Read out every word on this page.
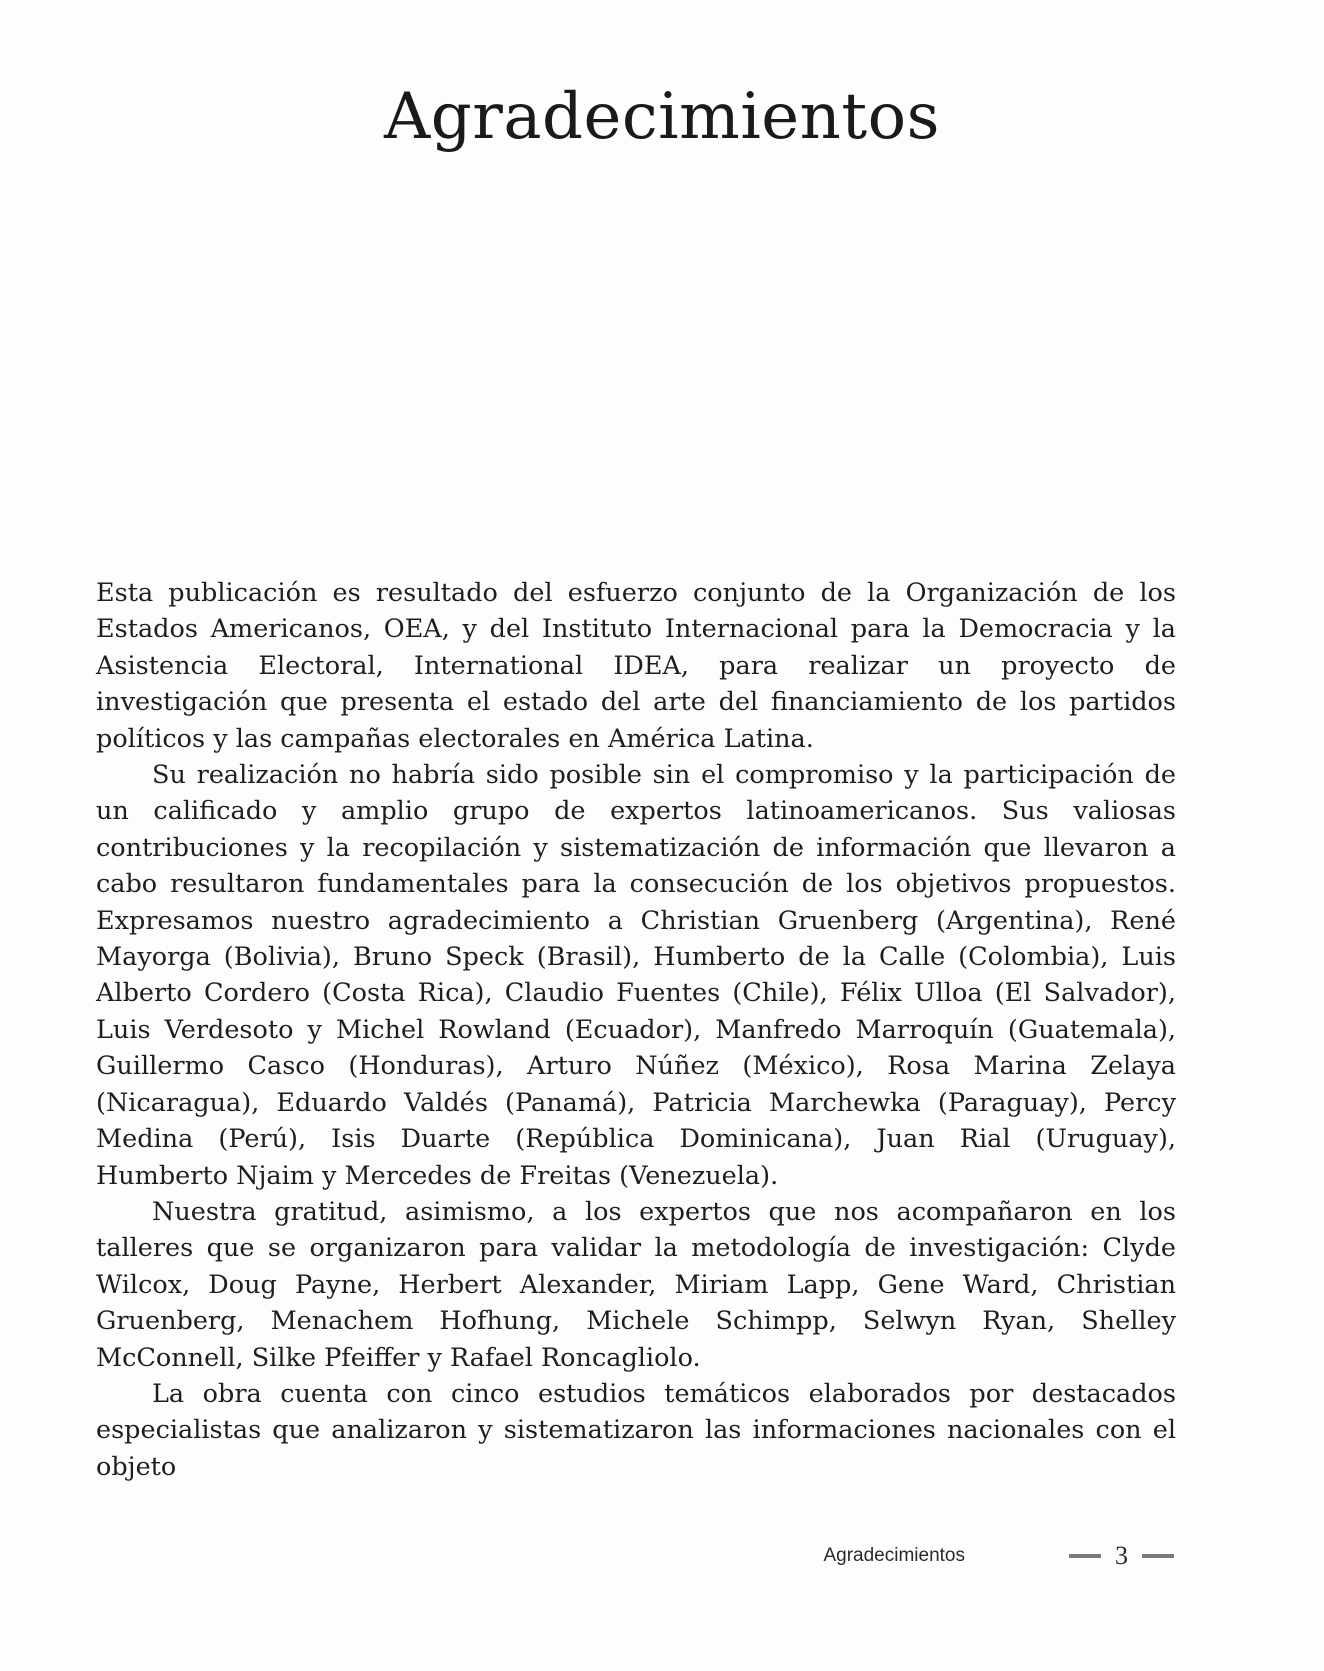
Agradecimientos

Esta publicación es resultado del esfuerzo conjunto de la Organización de los Estados Americanos, OEA, y del Instituto Internacional para la Democracia y la Asistencia Electoral, International IDEA, para realizar un proyecto de investigación que presenta el estado del arte del financiamiento de los partidos políticos y las campañas electorales en América Latina.

Su realización no habría sido posible sin el compromiso y la participación de un calificado y amplio grupo de expertos latinoamericanos. Sus valiosas contribuciones y la recopilación y sistematización de información que llevaron a cabo resultaron fundamentales para la consecución de los objetivos propuestos. Expresamos nuestro agradecimiento a Christian Gruenberg (Argentina), René Mayorga (Bolivia), Bruno Speck (Brasil), Humberto de la Calle (Colombia), Luis Alberto Cordero (Costa Rica), Claudio Fuentes (Chile), Félix Ulloa (El Salvador), Luis Verdesoto y Michel Rowland (Ecuador), Manfredo Marroquín (Guatemala), Guillermo Casco (Honduras), Arturo Núñez (México), Rosa Marina Zelaya (Nicaragua), Eduardo Valdés (Panamá), Patricia Marchewka (Paraguay), Percy Medina (Perú), Isis Duarte (República Dominicana), Juan Rial (Uruguay), Humberto Njaim y Mercedes de Freitas (Venezuela).

Nuestra gratitud, asimismo, a los expertos que nos acompañaron en los talleres que se organizaron para validar la metodología de investigación: Clyde Wilcox, Doug Payne, Herbert Alexander, Miriam Lapp, Gene Ward, Christian Gruenberg, Menachem Hofhung, Michele Schimpp, Selwyn Ryan, Shelley McConnell, Silke Pfeiffer y Rafael Roncagliolo.

La obra cuenta con cinco estudios temáticos elaborados por destacados especialistas que analizaron y sistematizaron las informaciones nacionales con el objeto

Agradecimientos	3
